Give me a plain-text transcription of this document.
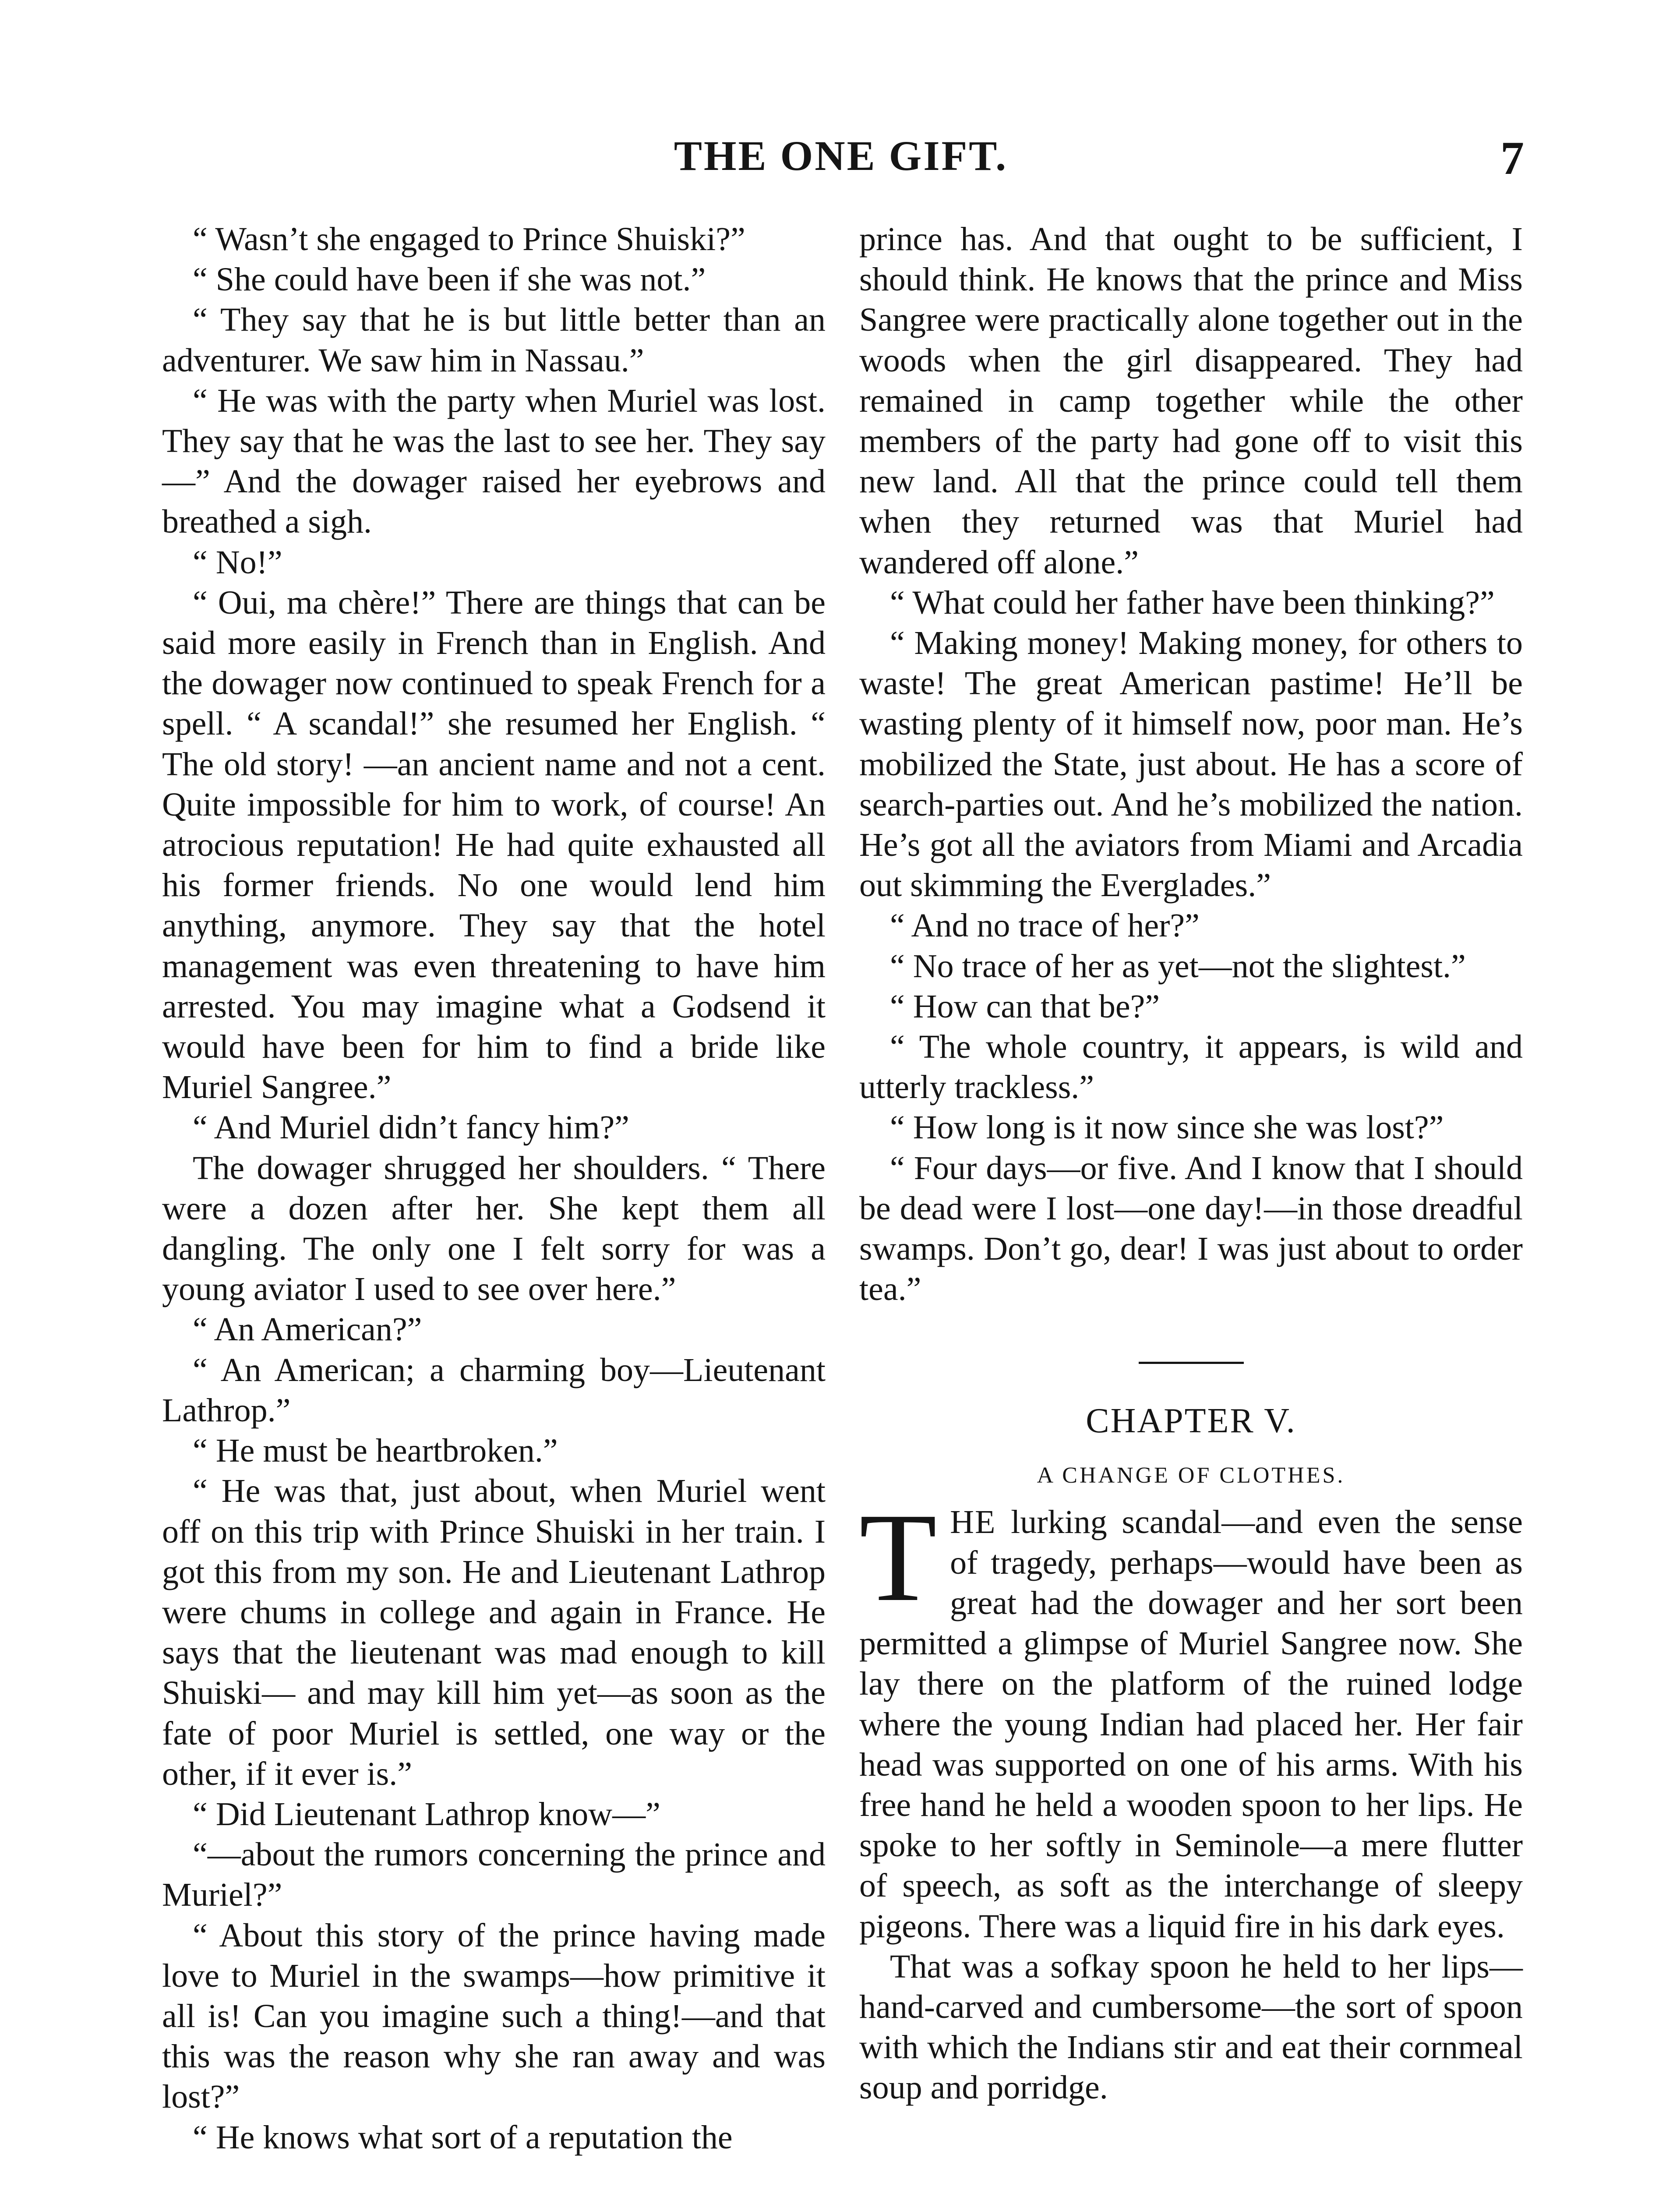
THE ONE GIFT.	7

“ Wasn’t she engaged to Prince Shuiski?”

“ She could have been if she was not.”

“ They say that he is but little better than an adventurer. We saw him in Nassau.”

“ He was with the party when Muriel was lost. They say that he was the last to see her. They say—” And the dowager raised her eyebrows and breathed a sigh.

“ No!”

“ Oui, ma chère!” There are things that can be said more easily in French than in English. And the dowager now continued to speak French for a spell. “ A scandal!” she resumed her English. “ The old story! —an ancient name and not a cent. Quite impossible for him to work, of course! An atrocious reputation! He had quite exhausted all his former friends. No one would lend him anything, anymore. They say that the hotel management was even threatening to have him arrested. You may imagine what a Godsend it would have been for him to find a bride like Muriel Sangree.”

“ And Muriel didn’t fancy him?”

The dowager shrugged her shoulders. “ There were a dozen after her. She kept them all dangling. The only one I felt sorry for was a young aviator I used to see over here.”

“ An American?”

“ An American; a charming boy—Lieutenant Lathrop.”

“ He must be heartbroken.”

“ He was that, just about, when Muriel went off on this trip with Prince Shuiski in her train. I got this from my son. He and Lieutenant Lathrop were chums in college and again in France. He says that the lieutenant was mad enough to kill Shuiski— and may kill him yet—as soon as the fate of poor Muriel is settled, one way or the other, if it ever is.”

“ Did Lieutenant Lathrop know—”

“—about the rumors concerning the prince and Muriel?”

“ About this story of the prince having made love to Muriel in the swamps—how primitive it all is! Can you imagine such a thing!—and that this was the reason why she ran away and was lost?”

“ He knows what sort of a reputation the

prince has. And that ought to be sufficient, I should think. He knows that the prince and Miss Sangree were practically alone together out in the woods when the girl disappeared. They had remained in camp together while the other members of the party had gone off to visit this new land. All that the prince could tell them when they returned was that Muriel had wandered off alone.”

“ What could her father have been thinking?”

“ Making money! Making money, for others to waste! The great American pastime! He’ll be wasting plenty of it himself now, poor man. He’s mobilized the State, just about. He has a score of search-parties out. And he’s mobilized the nation. He’s got all the aviators from Miami and Arcadia out skimming the Everglades.”

“ And no trace of her?”

“ No trace of her as yet—not the slightest.”

“ How can that be?”

“ The whole country, it appears, is wild and utterly trackless.”

“ How long is it now since she was lost?”

“ Four days—or five. And I know that I should be dead were I lost—one day!—in those dreadful swamps. Don’t go, dear! I was just about to order tea.”

CHAPTER V.
A CHANGE OF CLOTHES.

THE lurking scandal—and even the sense of tragedy, perhaps—would have been as great had the dowager and her sort been permitted a glimpse of Muriel Sangree now. She lay there on the platform of the ruined lodge where the young Indian had placed her. Her fair head was supported on one of his arms. With his free hand he held a wooden spoon to her lips. He spoke to her softly in Seminole—a mere flutter of speech, as soft as the interchange of sleepy pigeons. There was a liquid fire in his dark eyes.

That was a sofkay spoon he held to her lips—hand-carved and cumbersome—the sort of spoon with which the Indians stir and eat their cornmeal soup and porridge.
